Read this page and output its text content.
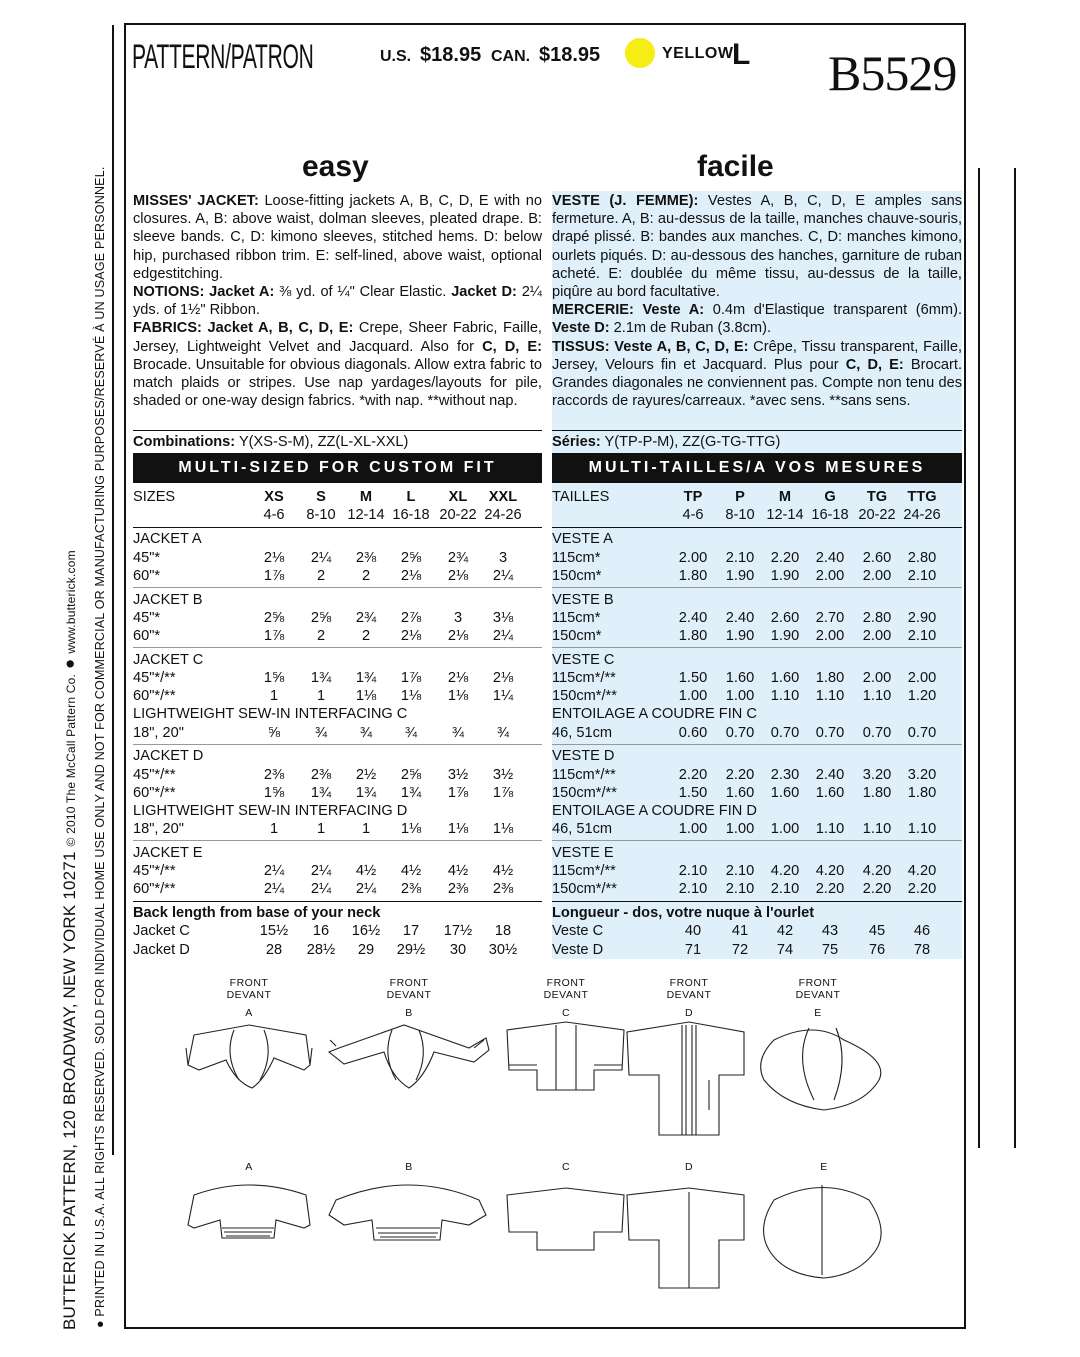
BUTTERICK PATTERN, 120 BROADWAY, NEW YORK 10271 © 2010 The McCall Pattern Co. ● www.butterick.com
● PRINTED IN U.S.A. ALL RIGHTS RESERVED. SOLD FOR INDIVIDUAL HOME USE ONLY AND NOT FOR COMMERCIAL OR MANUFACTURING PURPOSES/RESERVÉ À UN USAGE PERSONNEL.
PATTERN/PATRON	U.S. $18.95 CAN. $18.95	YELLOW
L B5529
easy	facile
MISSES' JACKET: Loose-fitting jackets A, B, C, D, E with no closures. A, B: above waist, dolman sleeves, pleated drape. B: sleeve bands. C, D: kimono sleeves, stitched hems. D: below hip, purchased ribbon trim. E: self-lined, above waist, optional edgestitching.
NOTIONS: Jacket A: ⅜ yd. of ¼" Clear Elastic. Jacket D: 2¼ yds. of 1½" Ribbon.
FABRICS: Jacket A, B, C, D, E: Crepe, Sheer Fabric, Faille, Jersey, Lightweight Velvet and Jacquard. Also for C, D, E: Brocade. Unsuitable for obvious diagonals. Allow extra fabric to match plaids or stripes. Use nap yardages/layouts for pile, shaded or one-way design fabrics. *with nap. **without nap.
VESTE (J. FEMME): Vestes A, B, C, D, E amples sans fermeture. A, B: au-dessus de la taille, manches chauve-souris, drapé plissé. B: bandes aux manches. C, D: manches kimono, ourlets piqués. D: au-dessous des hanches, garniture de ruban acheté. E: doublée du même tissu, au-dessus de la taille, piqûre au bord facultative.
MERCERIE: Veste A: 0.4m d'Elastique transparent (6mm). Veste D: 2.1m de Ruban (3.8cm).
TISSUS: Veste A, B, C, D, E: Crêpe, Tissu transparent, Faille, Jersey, Velours fin et Jacquard. Plus pour C, D, E: Brocart. Grandes diagonales ne conviennent pas. Compte non tenu des raccords de rayures/carreaux. *avec sens. **sans sens.
Combinations: Y(XS-S-M), ZZ(L-XL-XXL)	Séries: Y(TP-P-M), ZZ(G-TG-TTG)
MULTI-SIZED FOR CUSTOM FIT	MULTI-TAILLES/A VOS MESURES
SIZES	XS	S	M	L	XL	XXL
4-6	8-10 12-14 16-18 20-22 24-26
JACKET A
45"*	2⅛	2¼	2⅜	2⅝	2¾	3
60"*	1⅞	2	2	2⅛	2⅛	2¼
JACKET B
45"*	2⅝	2⅝	2¾	2⅞	3	3⅛
60"*	1⅞	2	2	2⅛	2⅛	2¼
JACKET C
45"*/**	1⅝	1¾	1¾	1⅞	2⅛	2⅛
60"*/**	1	1	1⅛	1⅛	1⅛	1¼
LIGHTWEIGHT SEW-IN INTERFACING C
18", 20"	⅝	¾	¾	¾	¾	¾
JACKET D
45"*/**	2⅜	2⅜	2½	2⅝	3½	3½
60"*/**	1⅝	1¾	1¾	1¾	1⅞	1⅞
LIGHTWEIGHT SEW-IN INTERFACING D
18", 20"	1	1	1	1⅛	1⅛	1⅛
JACKET E
45"*/**	2¼	2¼	4½	4½	4½	4½
60"*/**	2¼	2¼	2¼	2⅜	2⅜	2⅜
Back length from base of your neck
Jacket C	15½	16	16½	17	17½	18
Jacket D	28	28½	29	29½	30	30½
TAILLES	TP	P	M	G	TG	TTG
4-6	8-10 12-14 16-18 20-22 24-26
VESTE A
115cm*	2.00	2.10	2.20	2.40	2.60	2.80
150cm*	1.80	1.90	1.90	2.00	2.00	2.10
VESTE B
115cm*	2.40	2.40	2.60	2.70	2.80	2.90
150cm*	1.80	1.90	1.90	2.00	2.00	2.10
VESTE C
115cm*/**	1.50	1.60	1.60	1.80	2.00	2.00
150cm*/**	1.00	1.00	1.10	1.10	1.10	1.20
ENTOILAGE A COUDRE FIN C
46, 51cm	0.60	0.70	0.70	0.70	0.70	0.70
VESTE D
115cm*/**	2.20	2.20	2.30	2.40	3.20	3.20
150cm*/**	1.50	1.60	1.60	1.60	1.80	1.80
ENTOILAGE A COUDRE FIN D
46, 51cm	1.00	1.00	1.00	1.10	1.10	1.10
VESTE E
115cm*/**	2.10	2.10	4.20	4.20	4.20	4.20
150cm*/**	2.10	2.10	2.10	2.20	2.20	2.20
Longueur - dos, votre nuque à l'ourlet
Veste C	40	41	42	43	45	46
Veste D	71	72	74	75	76	78
FRONT
DEVANT
A
A
FRONT
DEVANT
B
B
FRONT
DEVANT
C
C
FRONT
DEVANT
D
D
FRONT
DEVANT
E
E
